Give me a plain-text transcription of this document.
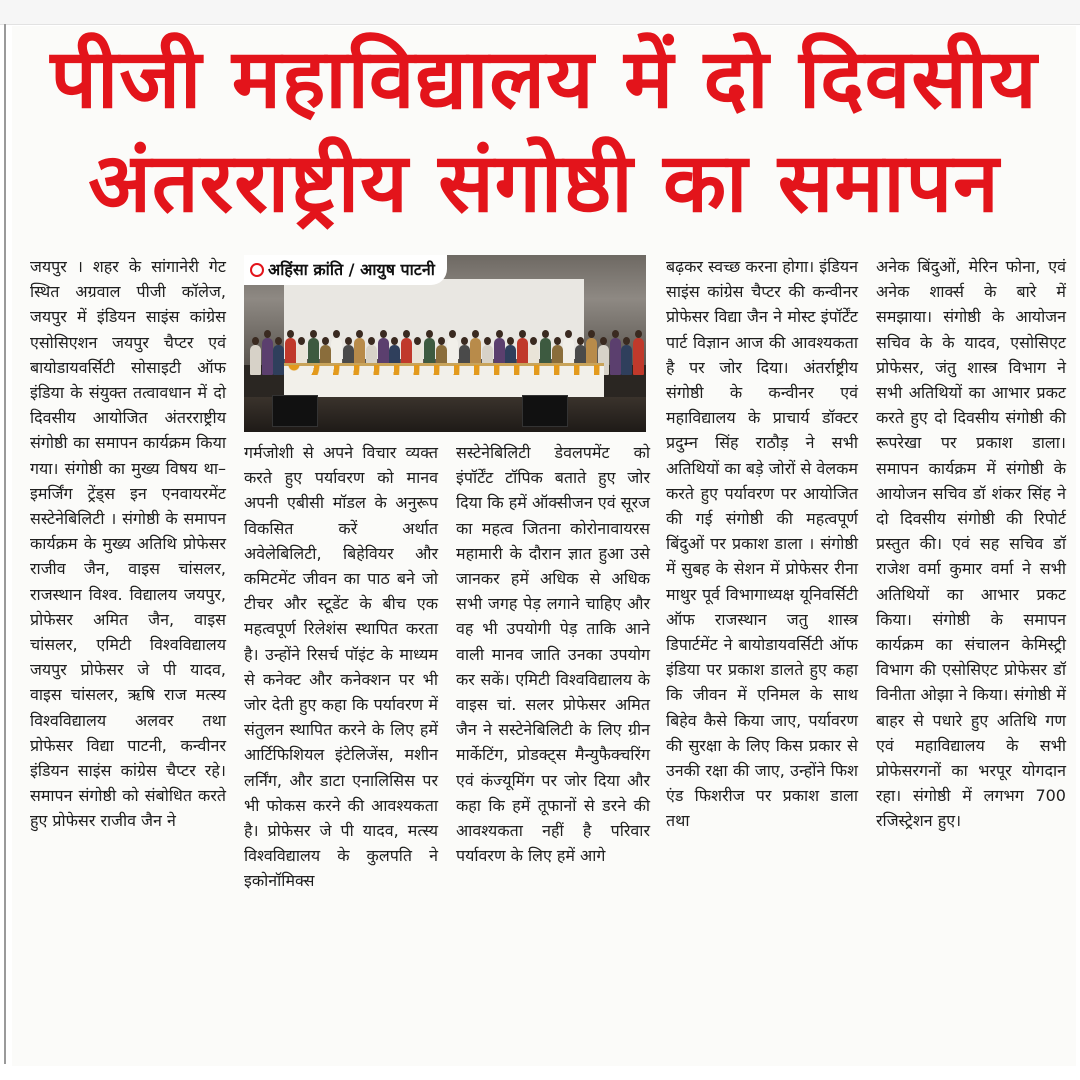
पीजी महाविद्यालय में दो दिवसीय
अंतरराष्ट्रीय संगोष्ठी का समापन
अहिंसा क्रांति / आयुष पाटनी
जयपुर । शहर के सांगानेरी गेट स्थित अग्रवाल पीजी कॉलेज, जयपुर में इंडियन साइंस कांग्रेस एसोसिएशन जयपुर चैप्टर एवं बायोडायवर्सिटी सोसाइटी ऑफ इंडिया के संयुक्त तत्वावधान में दो दिवसीय आयोजित अंतरराष्ट्रीय संगोष्ठी का समापन कार्यक्रम किया गया। संगोष्ठी का मुख्य विषय था– इमर्जिंग ट्रेंड्स इन एनवायरमेंट सस्टेनेबिलिटी । संगोष्ठी के समापन कार्यक्रम के मुख्य अतिथि प्रोफेसर राजीव जैन, वाइस चांसलर, राजस्थान विश्व. विद्यालय जयपुर, प्रोफेसर अमित जैन, वाइस चांसलर, एमिटी विश्वविद्यालय जयपुर प्रोफेसर जे पी यादव, वाइस चांसलर, ऋषि राज मत्स्य विश्वविद्यालय अलवर तथा प्रोफेसर विद्या पाटनी, कन्वीनर इंडियन साइंस कांग्रेस चैप्टर रहे। समापन संगोष्ठी को संबोधित करते हुए प्रोफेसर राजीव जैन ने
गर्मजोशी से अपने विचार व्यक्त करते हुए पर्यावरण को मानव अपनी एबीसी मॉडल के अनुरूप विकसित करें अर्थात अवेलेबिलिटी, बिहेवियर और कमिटमेंट जीवन का पाठ बने जो टीचर और स्टूडेंट के बीच एक महत्वपूर्ण रिलेशंस स्थापित करता है। उन्होंने रिसर्च पॉइंट के माध्यम से कनेक्ट और कनेक्शन पर भी जोर देती हुए कहा कि पर्यावरण में संतुलन स्थापित करने के लिए हमें आर्टिफिशियल इंटेलिजेंस, मशीन लर्निंग, और डाटा एनालिसिस पर भी फोकस करने की आवश्यकता है। प्रोफेसर जे पी यादव, मत्स्य विश्वविद्यालय के कुलपति ने इकोनॉमिक्स
सस्टेनेबिलिटी डेवलपमेंट को इंपॉर्टेंट टॉपिक बताते हुए जोर दिया कि हमें ऑक्सीजन एवं सूरज का महत्व जितना कोरोनावायरस महामारी के दौरान ज्ञात हुआ उसे जानकर हमें अधिक से अधिक सभी जगह पेड़ लगाने चाहिए और वह भी उपयोगी पेड़ ताकि आने वाली मानव जाति उनका उपयोग कर सकें। एमिटी विश्वविद्यालय के वाइस चां. सलर प्रोफेसर अमित जैन ने सस्टेनेबिलिटी के लिए ग्रीन मार्केटिंग, प्रोडक्ट्स मैन्युफैक्चरिंग एवं कंज्यूमिंग पर जोर दिया और कहा कि हमें तूफानों से डरने की आवश्यकता नहीं है परिवार पर्यावरण के लिए हमें आगे
बढ़कर स्वच्छ करना होगा। इंडियन साइंस कांग्रेस चैप्टर की कन्वीनर प्रोफेसर विद्या जैन ने मोस्ट इंपॉर्टेंट पार्ट विज्ञान आज की आवश्यकता है पर जोर दिया। अंतर्राष्ट्रीय संगोष्ठी के कन्वीनर एवं महाविद्यालय के प्राचार्य डॉक्टर प्रदुम्न सिंह राठौड़ ने सभी अतिथियों का बड़े जोरों से वेलकम करते हुए पर्यावरण पर आयोजित की गई संगोष्ठी की महत्वपूर्ण बिंदुओं पर प्रकाश डाला । संगोष्ठी में सुबह के सेशन में प्रोफेसर रीना माथुर पूर्व विभागाध्यक्ष यूनिवर्सिटी ऑफ राजस्थान जतु शास्त्र डिपार्टमेंट ने बायोडायवर्सिटी ऑफ इंडिया पर प्रकाश डालते हुए कहा कि जीवन में एनिमल के साथ बिहेव कैसे किया जाए, पर्यावरण की सुरक्षा के लिए किस प्रकार से उनकी रक्षा की जाए, उन्होंने फिश एंड फिशरीज पर प्रकाश डाला तथा
अनेक बिंदुओं, मेरिन फोना, एवं अनेक शार्क्स के बारे में समझाया। संगोष्ठी के आयोजन सचिव के के यादव, एसोसिएट प्रोफेसर, जंतु शास्त्र विभाग ने सभी अतिथियों का आभार प्रकट करते हुए दो दिवसीय संगोष्ठी की रूपरेखा पर प्रकाश डाला। समापन कार्यक्रम में संगोष्ठी के आयोजन सचिव डॉ शंकर सिंह ने दो दिवसीय संगोष्ठी की रिपोर्ट प्रस्तुत की। एवं सह सचिव डॉ राजेश वर्मा कुमार वर्मा ने सभी अतिथियों का आभार प्रकट किया। संगोष्ठी के समापन कार्यक्रम का संचालन केमिस्ट्री विभाग की एसोसिएट प्रोफेसर डॉ विनीता ओझा ने किया। संगोष्ठी में बाहर से पधारे हुए अतिथि गण एवं महाविद्यालय के सभी प्रोफेसरगनों का भरपूर योगदान रहा। संगोष्ठी में लगभग 700 रजिस्ट्रेशन हुए।
